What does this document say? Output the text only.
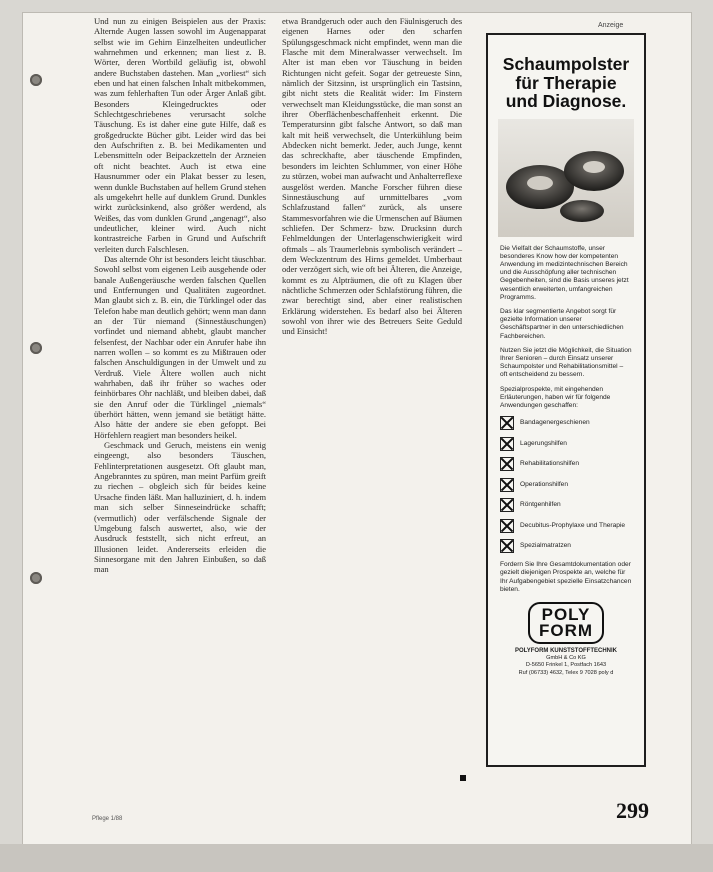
Und nun zu einigen Beispielen aus der Praxis: Alternde Augen lassen sowohl im Augenapparat selbst wie im Gehirn Einzelheiten undeutlicher wahrnehmen und erkennen; man liest z. B. Wörter, deren Wortbild geläufig ist, obwohl andere Buchstaben dastehen. Man „vorliest“ sich eben und hat einen falschen Inhalt mitbekommen, was zum fehlerhaften Tun oder Ärger Anlaß gibt. Besonders Kleingedrucktes oder Schlechtgeschriebenes verursacht solche Täuschung. Es ist daher eine gute Hilfe, daß es großgedruckte Bücher gibt. Leider wird das bei den Aufschriften z. B. bei Medikamenten und Lebensmitteln oder Beipackzetteln der Arzneien oft nicht beachtet. Auch ist etwa eine Hausnummer oder ein Plakat besser zu lesen, wenn dunkle Buchstaben auf hellem Grund stehen als umgekehrt helle auf dunklem Grund. Dunkles wirkt zurücksinkend, also größer werdend, als Weißes, das vom dunklen Grund „angenagt“, also undeutlicher, kleiner wird. Auch nicht kontrastreiche Farben in Grund und Aufschrift verleiten durch Falschlesen.

Das alternde Ohr ist besonders leicht täuschbar. Sowohl selbst vom eigenen Leib ausgehende oder banale Außengeräusche werden falschen Quellen und Entfernungen und Qualitäten zugeordnet. Man glaubt sich z. B. ein, die Türklingel oder das Telefon habe man deutlich gehört; wenn man dann an der Tür niemand (Sinnestäuschungen) vorfindet und niemand abhebt, glaubt mancher felsenfest, der Nachbar oder ein Anrufer habe ihn narren wollen – so kommt es zu Mißtrauen oder falschen Anschuldigungen in der Umwelt und zu Verdruß. Viele Ältere wollen auch nicht wahrhaben, daß ihr früher so waches oder feinhörbares Ohr nachläßt, und bleiben dabei, daß sie den Anruf oder die Türklingel „niemals“ überhört hätten, wenn jemand sie betätigt hätte. Also hätte der andere sie eben gefoppt. Bei Hörfehlern reagiert man besonders heikel.

Geschmack und Geruch, meistens ein wenig eingeengt, also besonders Täuschen, Fehlinterpretationen ausgesetzt. Oft glaubt man, Angebranntes zu spüren, man meint Parfüm greift zu riechen – obgleich sich für beides keine Ursache finden läßt. Man halluziniert, d. h. indem man sich selber Sinneseindrücke schafft; (vermutlich) oder verfälschende Signale der Umgebung falsch auswertet, also, wie der Ausdruck feststellt, sich nicht erfreut, an Illusionen leidet. Andererseits erleiden die Sinnesorgane mit den Jahren Einbußen, so daß man

etwa Brandgeruch oder auch den Fäulnisgeruch des eigenen Harnes oder den scharfen Spülungsgeschmack nicht empfindet, wenn man die Flasche mit dem Mineralwasser verwechselt. Im Alter ist man eben vor Täuschung in beiden Richtungen nicht gefeit. Sogar der getreueste Sinn, nämlich der Sitzsinn, ist ursprünglich ein Tastsinn, gibt nicht stets die Realität wider: Im Finstern verwechselt man Kleidungsstücke, die man sonst an ihrer Oberflächenbeschaffenheit erkennt. Die Temperatursinn gibt falsche Antwort, so daß man kalt mit heiß verwechselt, die Unterkühlung beim Abdecken nicht bemerkt. Jeder, auch Junge, kennt das schreckhafte, aber täuschende Empfinden, besonders im leichten Schlummer, von einer Höhe zu stürzen, wobei man aufwacht und Anhalterreflexe ausgelöst werden. Manche Forscher führen diese Sinnestäuschung auf urnmittelbares „vom Schlafzustand fallen“ zurück, als unsere Stammesvorfahren wie die Urmenschen auf Bäumen schliefen. Der Schmerz- bzw. Drucksinn durch Fehlmeldungen der Unterlagenschwierigkeit wird oftmals – als Traumerlebnis symbolisch verändert – dem Weckzentrum des Hirns gemeldet. Umberbaut oder verzögert sich, wie oft bei Älteren, die Anzeige, kommt es zu Alpträumen, die oft zu Klagen über nächtliche Schmerzen oder Schlafstörung führen, die zwar berechtigt sind, aber einer realistischen Erklärung widerstehen. Es bedarf also bei Älteren sowohl von ihrer wie des Betreuers Seite Geduld und Einsicht!

Anzeige
Schaumpolster
für Therapie
und Diagnose.

Die Vielfalt der Schaumstoffe, unser besonderes Know how der kompetenten Anwendung im medizintechnischen Bereich und die Ausschöpfung aller technischen Gegebenheiten, sind die Basis unseres jetzt wesentlich erweiterten, umfangreichen Programms.

Das klar segmentierte Angebot sorgt für gezielte Information unserer Geschäftspartner in den unterschiedlichen Fachbereichen.

Nutzen Sie jetzt die Möglichkeit, die Situation Ihrer Senioren – durch Einsatz unserer Schaumpolster und Rehabilitationsmittel – oft entscheidend zu bessern.

Spezialprospekte, mit eingehenden Erläuterungen, haben wir für folgende Anwendungen geschaffen:

Bandagenergeschienen
Lagerungshilfen
Rehabilitationshilfen
Operationshilfen
Röntgenhilfen
Decubitus-Prophylaxe und Therapie
Spezialmatratzen

Fordern Sie Ihre Gesamtdokumentation oder gezielt diejenigen Prospekte an, welche für Ihr Aufgabengebiet spezielle Einsatzchancen bieten.

POLY
FORM
POLYFORM KUNSTSTOFFTECHNIK
GmbH & Co KG
D-5650 Frinkel 1, Postfach 1643
Ruf (06733) 4632, Telex 9 7028 poly d
299
Pflege 1/88
